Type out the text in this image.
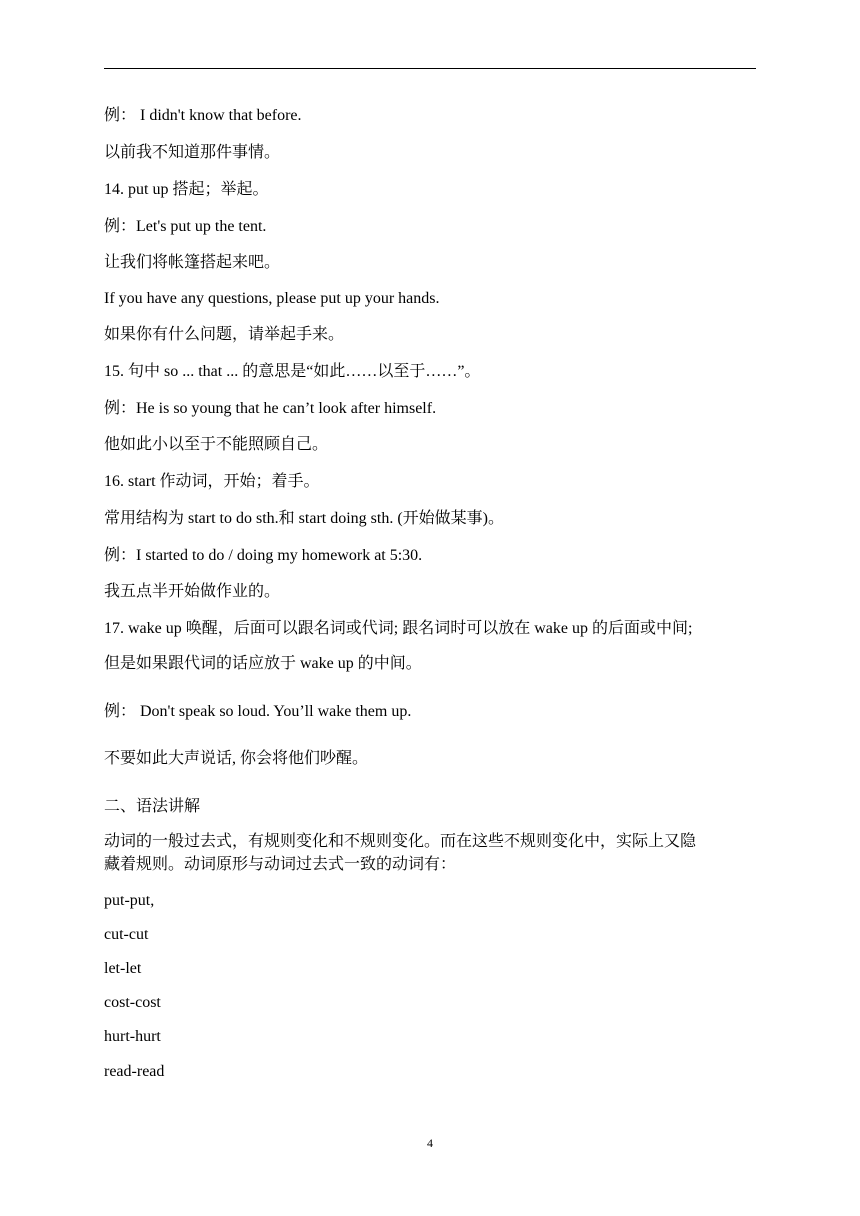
例： I didn't know that before.
以前我不知道那件事情。
14. put up 搭起；举起。
例：Let's put up the tent.
让我们将帐篷搭起来吧。
If you have any questions, please put up your hands.
如果你有什么问题，请举起手来。
15. 句中 so ... that ... 的意思是“如此……以至于……”。
例：He is so young that he can’t look after himself.
他如此小以至于不能照顾自己。
16. start 作动词，开始；着手。
常用结构为 start to do sth.和 start doing sth. (开始做某事)。
例：I started to do / doing my homework at 5:30.
我五点半开始做作业的。
17. wake up 唤醒，后面可以跟名词或代词; 跟名词时可以放在 wake up 的后面或中间;
但是如果跟代词的话应放于 wake up 的中间。
例： Don't speak so loud. You’ll wake them up.
不要如此大声说话, 你会将他们吵醒。
二、语法讲解
动词的一般过去式，有规则变化和不规则变化。而在这些不规则变化中，实际上又隐
藏着规则。动词原形与动词过去式一致的动词有：
put-put,
cut-cut
let-let
cost-cost
hurt-hurt
read-read
4
